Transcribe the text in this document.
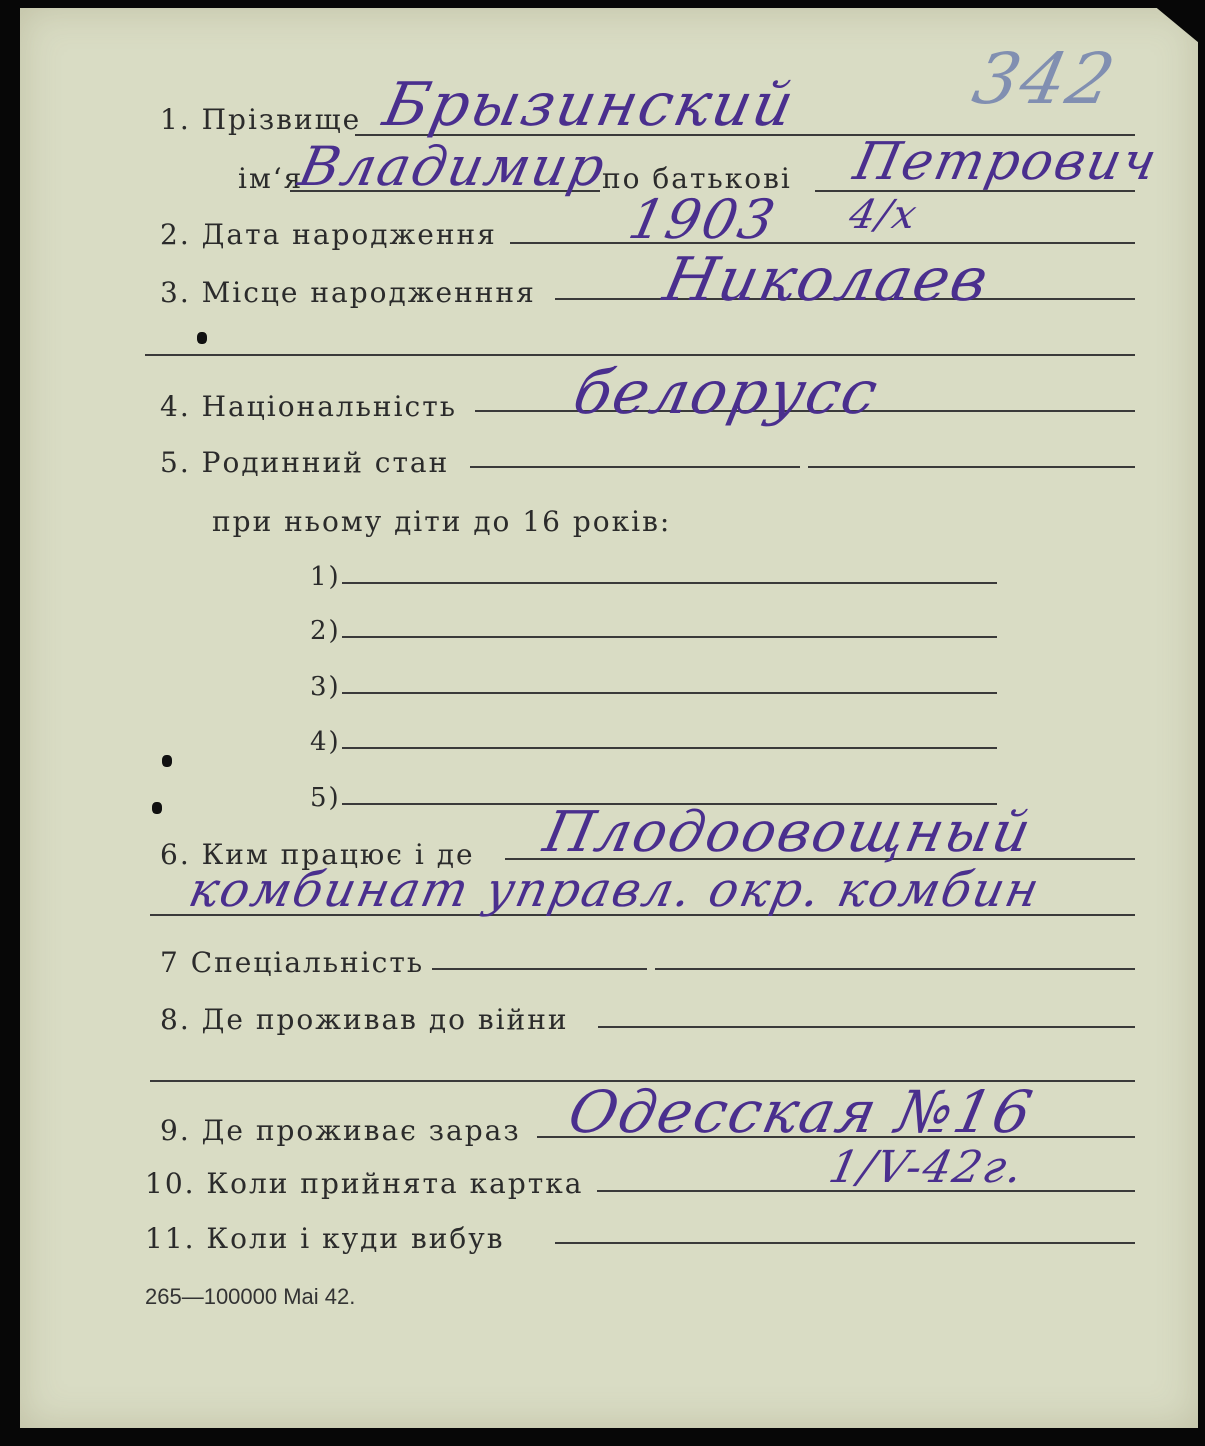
342
1. Прізвище Брызинский
ім‘я
Владимир
по батькові Петрович
2. Дата народження 1903 4/x
3. Місце народженння Николаев
4. Національність белорусс
5. Родинний стан
при ньому діти до 16 років:
1)
2)
3)
4)
5)
6. Ким працює і де Плодоовощный
комбинат управл. окр. комбин
7 Спеціальність
8. Де проживав до війни
9. Де проживає зараз Одесская №16
10. Коли прийнята картка	1/V-42г.
11. Коли і куди вибув
265—100000 Mai 42.
